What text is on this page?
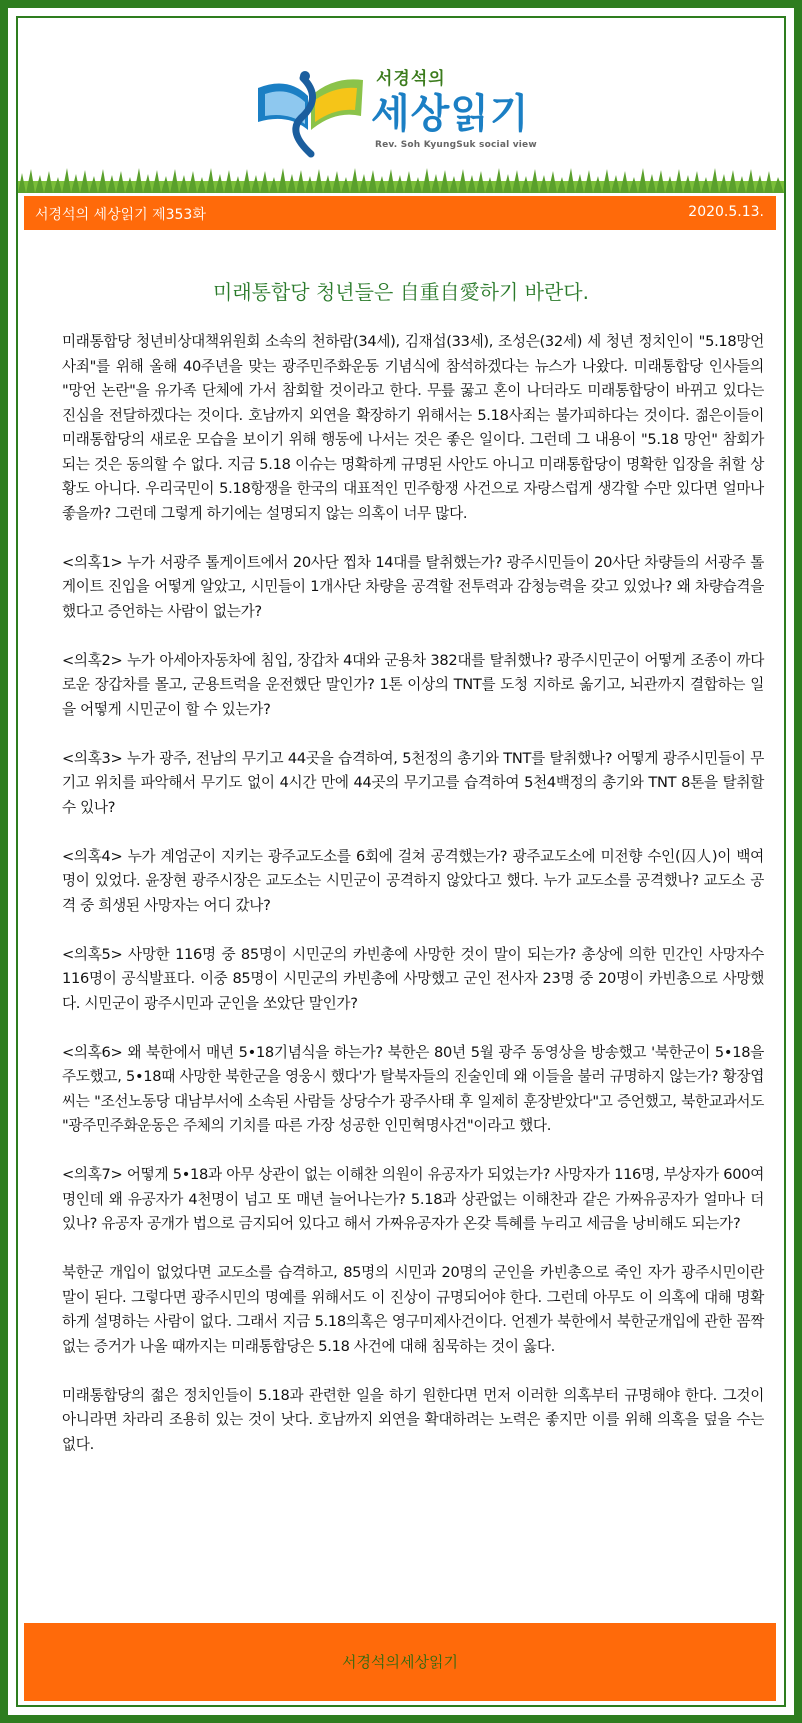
서경석의
세상읽기
Rev. Soh KyungSuk social view
서경석의 세상읽기 제353화	2020.5.13.
미래통합당 청년들은 自重自愛하기 바란다.

미래통합당 청년비상대책위원회 소속의 천하람(34세), 김재섭(33세), 조성은(32세) 세 청년 정치인이 "5.18망언 사죄"를 위해 올해 40주년을 맞는 광주민주화운동 기념식에 참석하겠다는 뉴스가 나왔다. 미래통합당 인사들의 "망언 논란"을 유가족 단체에 가서 참회할 것이라고 한다. 무릎 꿇고 혼이 나더라도 미래통합당이 바뀌고 있다는 진심을 전달하겠다는 것이다. 호남까지 외연을 확장하기 위해서는 5.18사죄는 불가피하다는 것이다. 젊은이들이 미래통합당의 새로운 모습을 보이기 위해 행동에 나서는 것은 좋은 일이다. 그런데 그 내용이 "5.18 망언" 참회가 되는 것은 동의할 수 없다. 지금 5.18 이슈는 명확하게 규명된 사안도 아니고 미래통합당이 명확한 입장을 취할 상황도 아니다. 우리국민이 5.18항쟁을 한국의 대표적인 민주항쟁 사건으로 자랑스럽게 생각할 수만 있다면 얼마나 좋을까? 그런데 그렇게 하기에는 설명되지 않는 의혹이 너무 많다.

<의혹1> 누가 서광주 톨게이트에서 20사단 찝차 14대를 탈취했는가? 광주시민들이 20사단 차량들의 서광주 톨게이트 진입을 어떻게 알았고, 시민들이 1개사단 차량을 공격할 전투력과 감청능력을 갖고 있었나? 왜 차량습격을 했다고 증언하는 사람이 없는가?

<의혹2> 누가 아세아자동차에 침입, 장갑차 4대와 군용차 382대를 탈취했나? 광주시민군이 어떻게 조종이 까다로운 장갑차를 몰고, 군용트럭을 운전했단 말인가? 1톤 이상의 TNT를 도청 지하로 옮기고, 뇌관까지 결합하는 일을 어떻게 시민군이 할 수 있는가?

<의혹3> 누가 광주, 전남의 무기고 44곳을 습격하여, 5천정의 총기와 TNT를 탈취했나? 어떻게 광주시민들이 무기고 위치를 파악해서 무기도 없이 4시간 만에 44곳의 무기고를 습격하여 5천4백정의 총기와 TNT 8톤을 탈취할 수 있나?

<의혹4> 누가 계엄군이 지키는 광주교도소를 6회에 걸쳐 공격했는가? 광주교도소에 미전향 수인(囚人)이 백여명이 있었다. 윤장현 광주시장은 교도소는 시민군이 공격하지 않았다고 했다. 누가 교도소를 공격했나? 교도소 공격 중 희생된 사망자는 어디 갔나?

<의혹5> 사망한 116명 중 85명이 시민군의 카빈총에 사망한 것이 말이 되는가? 총상에 의한 민간인 사망자수 116명이 공식발표다. 이중 85명이 시민군의 카빈총에 사망했고 군인 전사자 23명 중 20명이 카빈총으로 사망했다. 시민군이 광주시민과 군인을 쏘았단 말인가?

<의혹6> 왜 북한에서 매년 5•18기념식을 하는가? 북한은 80년 5월 광주 동영상을 방송했고 '북한군이 5•18을 주도했고, 5•18때 사망한 북한군을 영웅시 했다'가 탈북자들의 진술인데 왜 이들을 불러 규명하지 않는가? 황장엽씨는 "조선노동당 대남부서에 소속된 사람들 상당수가 광주사태 후 일제히 훈장받았다"고 증언했고, 북한교과서도 "광주민주화운동은 주체의 기치를 따른 가장 성공한 인민혁명사건"이라고 했다.

<의혹7> 어떻게 5•18과 아무 상관이 없는 이해찬 의원이 유공자가 되었는가? 사망자가 116명, 부상자가 600여명인데 왜 유공자가 4천명이 넘고 또 매년 늘어나는가? 5.18과 상관없는 이해찬과 같은 가짜유공자가 얼마나 더 있나? 유공자 공개가 법으로 금지되어 있다고 해서 가짜유공자가 온갖 특혜를 누리고 세금을 낭비해도 되는가?

북한군 개입이 없었다면 교도소를 습격하고, 85명의 시민과 20명의 군인을 카빈총으로 죽인 자가 광주시민이란 말이 된다. 그렇다면 광주시민의 명예를 위해서도 이 진상이 규명되어야 한다. 그런데 아무도 이 의혹에 대해 명확하게 설명하는 사람이 없다. 그래서 지금 5.18의혹은 영구미제사건이다. 언젠가 북한에서 북한군개입에 관한 꼼짝없는 증거가 나올 때까지는 미래통합당은 5.18 사건에 대해 침묵하는 것이 옳다.

미래통합당의 젊은 정치인들이 5.18과 관련한 일을 하기 원한다면 먼저 이러한 의혹부터 규명해야 한다. 그것이 아니라면 차라리 조용히 있는 것이 낫다. 호남까지 외연을 확대하려는 노력은 좋지만 이를 위해 의혹을 덮을 수는 없다.

서경석의세상읽기
